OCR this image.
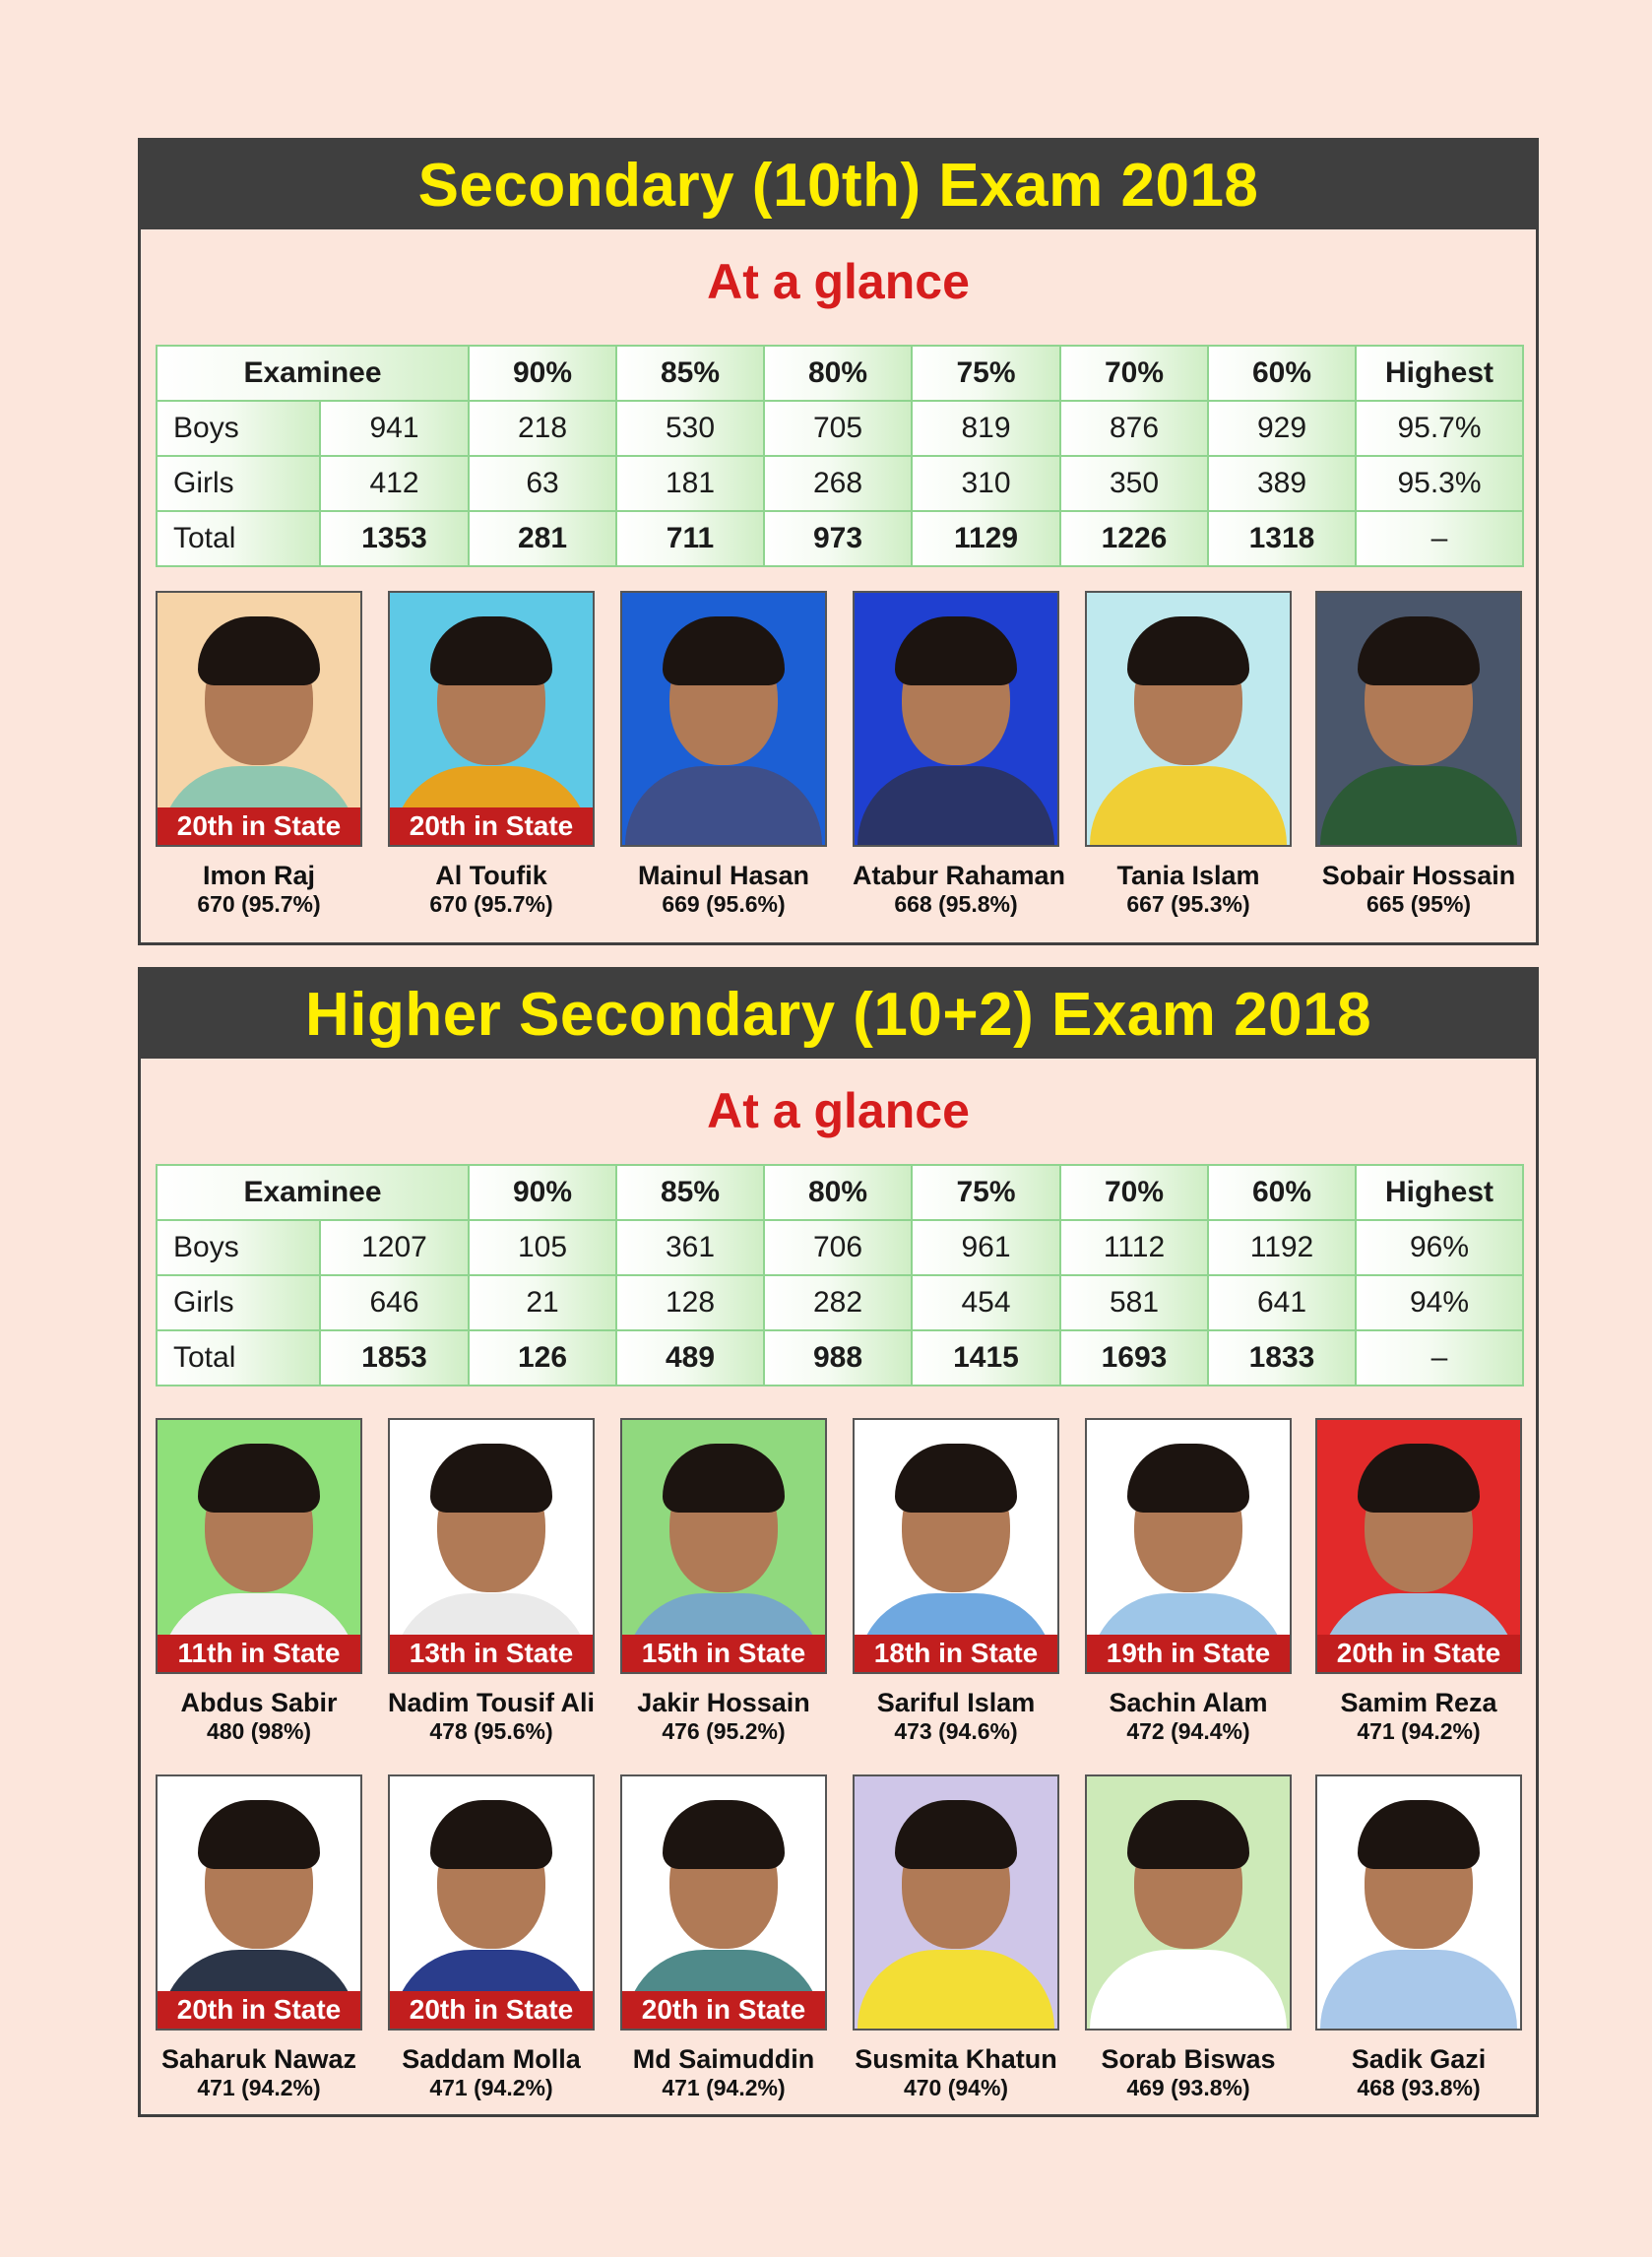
Secondary (10th) Exam 2018
At a glance
Examinee		90%	85%	80%	75%	70%	60%	Highest
Boys	941	218	530	705	819	876	929	95.7%
Girls	412	63	181	268	310	350	389	95.3%
Total	1353	281	711	973	1129	1226	1318	–
20th in State
Imon Raj
670 (95.7%)
20th in State
Al Toufik
670 (95.7%)
Mainul Hasan
669 (95.6%)
Atabur Rahaman
668 (95.8%)
Tania Islam
667 (95.3%)
Sobair Hossain
665 (95%)
Higher Secondary (10+2) Exam 2018
At a glance
Examinee		90%	85%	80%	75%	70%	60%	Highest
Boys	1207	105	361	706	961	1112	1192	96%
Girls	646	21	128	282	454	581	641	94%
Total	1853	126	489	988	1415	1693	1833	–
11th in State
Abdus Sabir
480 (98%)
13th in State
Nadim Tousif Ali
478 (95.6%)
15th in State
Jakir Hossain
476 (95.2%)
18th in State
Sariful Islam
473 (94.6%)
19th in State
Sachin Alam
472 (94.4%)
20th in State
Samim Reza
471 (94.2%)
20th in State
Saharuk Nawaz
471 (94.2%)
20th in State
Saddam Molla
471 (94.2%)
20th in State
Md Saimuddin
471 (94.2%)
Susmita Khatun
470 (94%)
Sorab Biswas
469 (93.8%)
Sadik Gazi
468 (93.8%)
